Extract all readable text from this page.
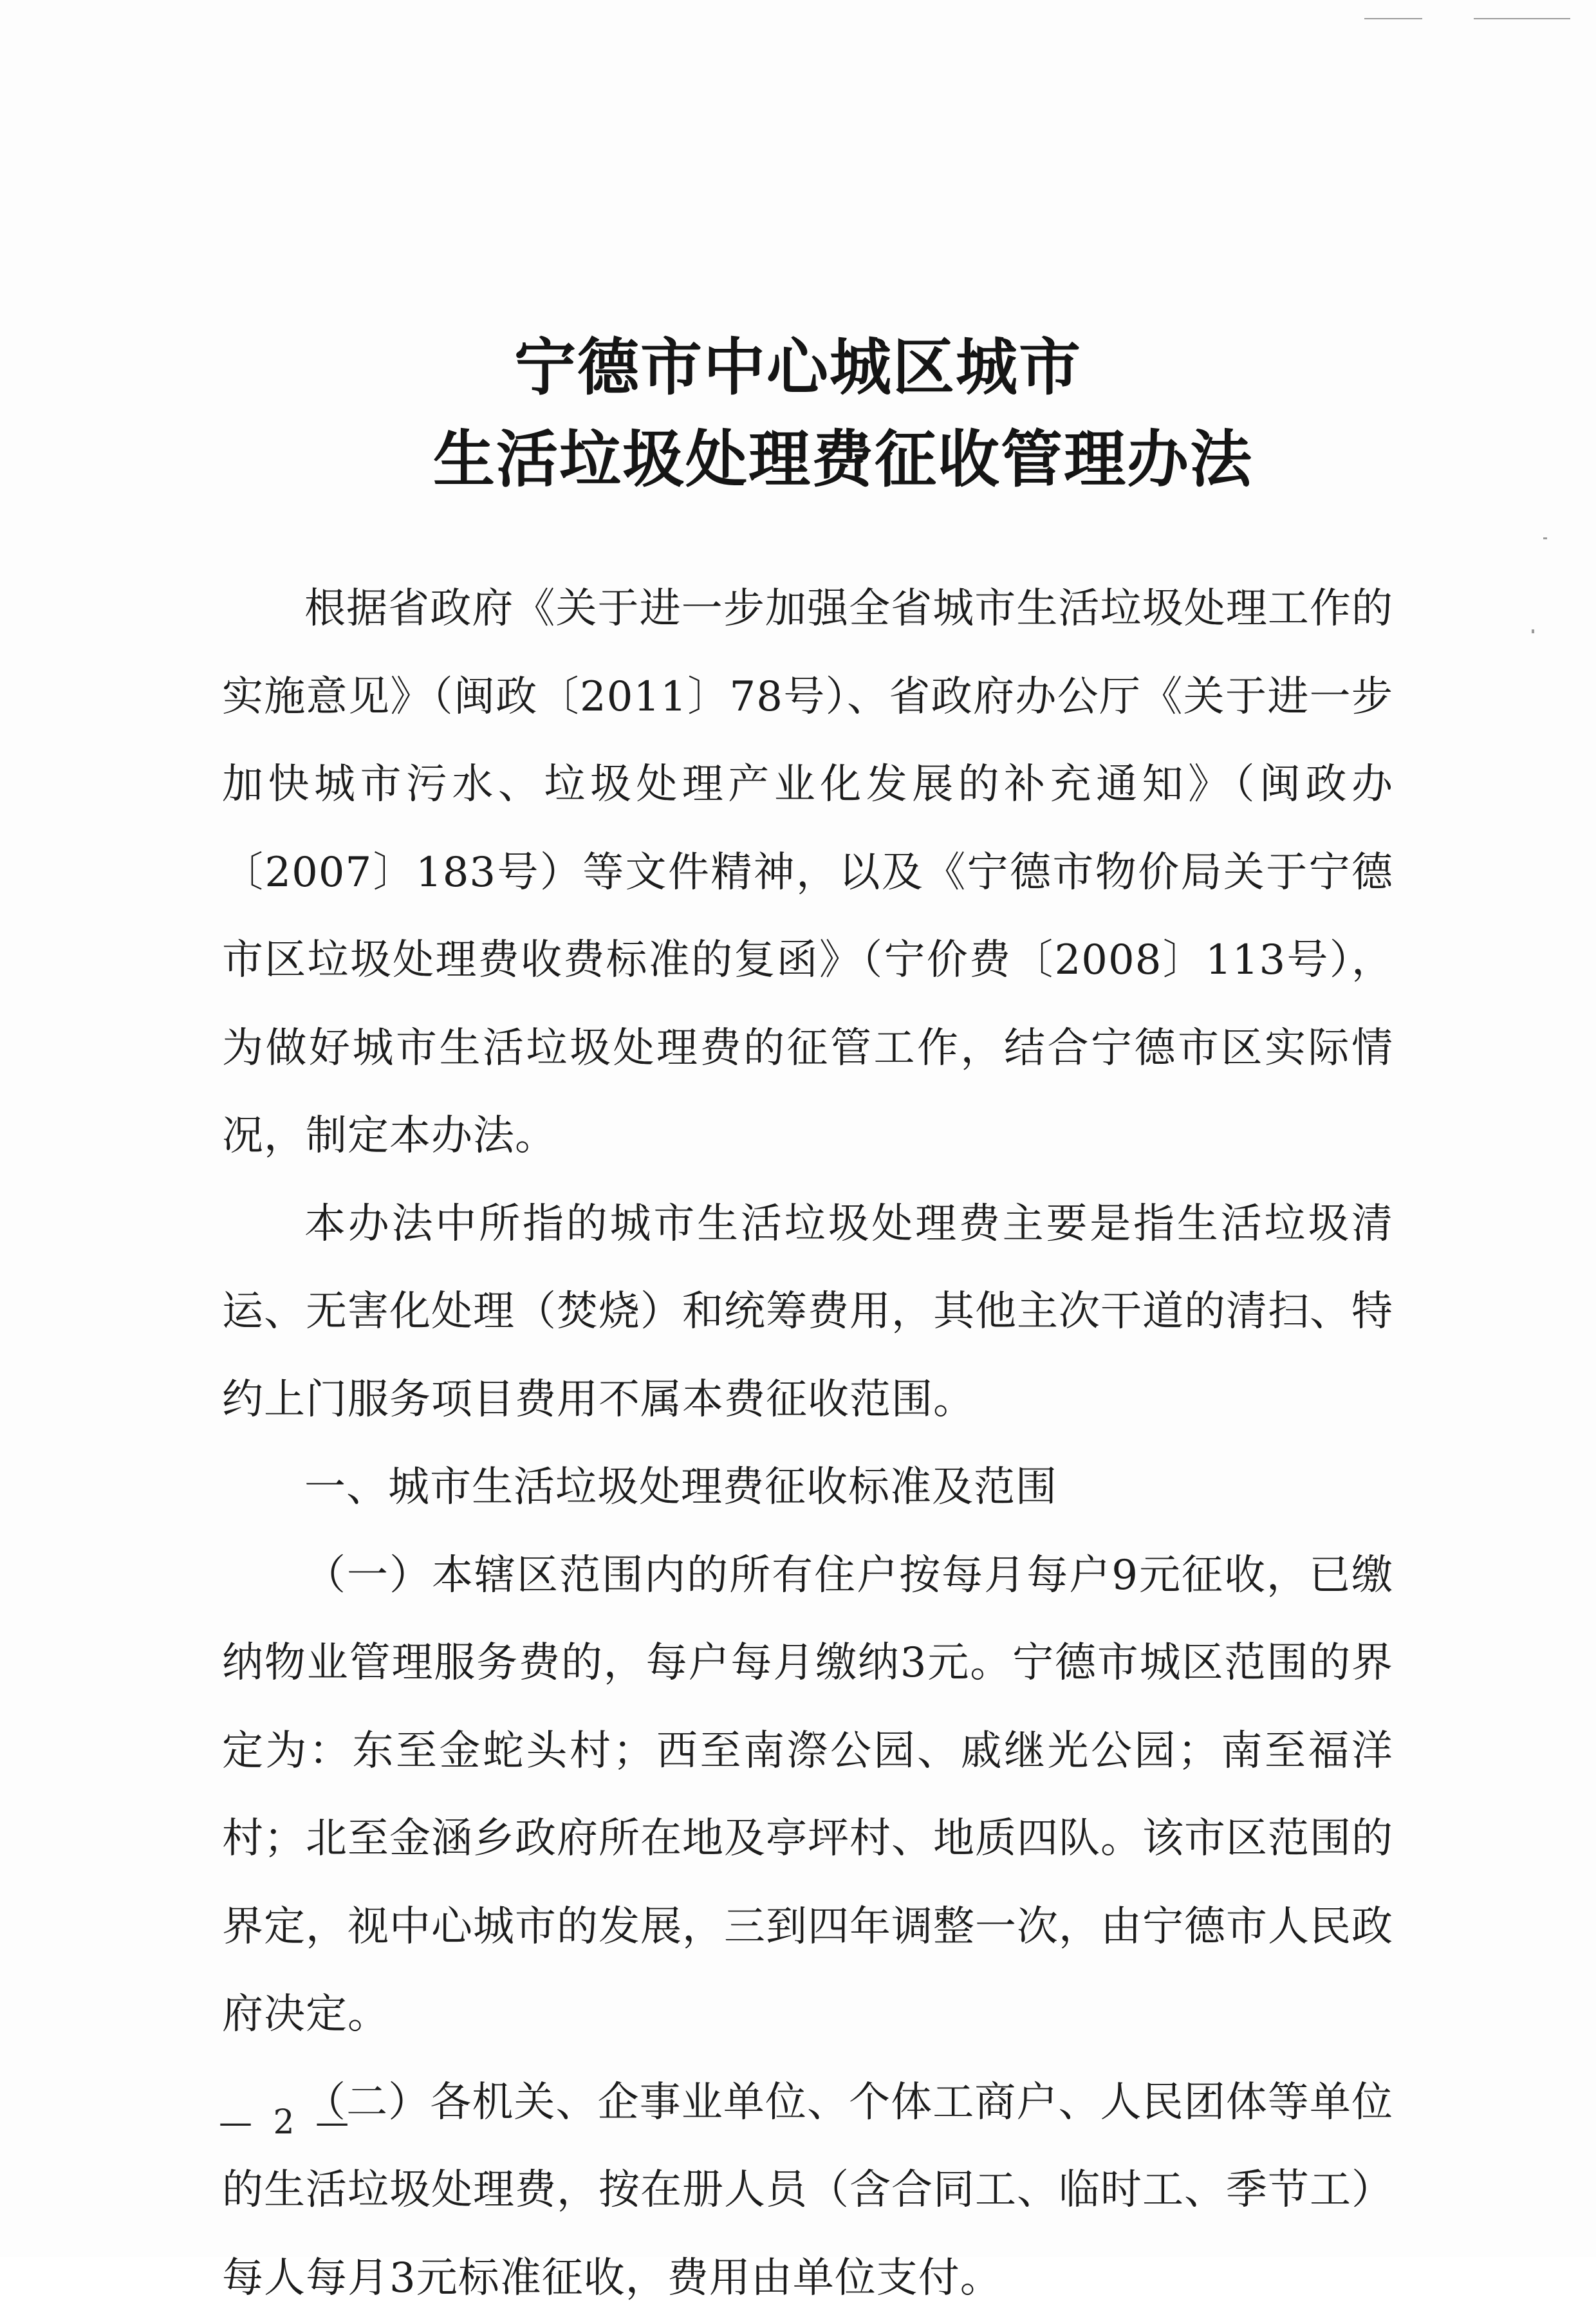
宁德市中心城区城市
生活垃圾处理费征收管理办法

根据省政府《关于进一步加强全省城市生活垃圾处理工作的实施意见》（闽政〔2011〕78号）、省政府办公厅《关于进一步加快城市污水、垃圾处理产业化发展的补充通知》（闽政办〔2007〕183号）等文件精神，以及《宁德市物价局关于宁德市区垃圾处理费收费标准的复函》（宁价费〔2008〕113号），为做好城市生活垃圾处理费的征管工作，结合宁德市区实际情况，制定本办法。

本办法中所指的城市生活垃圾处理费主要是指生活垃圾清运、无害化处理（焚烧）和统筹费用，其他主次干道的清扫、特约上门服务项目费用不属本费征收范围。

一、城市生活垃圾处理费征收标准及范围

（一）本辖区范围内的所有住户按每月每户9元征收，已缴纳物业管理服务费的，每户每月缴纳3元。宁德市城区范围的界定为：东至金蛇头村；西至南漈公园、戚继光公园；南至福洋村；北至金涵乡政府所在地及亭坪村、地质四队。该市区范围的界定，视中心城市的发展，三到四年调整一次，由宁德市人民政府决定。

（二）各机关、企事业单位、个体工商户、人民团体等单位的生活垃圾处理费，按在册人员（含合同工、临时工、季节工）每人每月3元标准征收，费用由单位支付。

— 2 —
